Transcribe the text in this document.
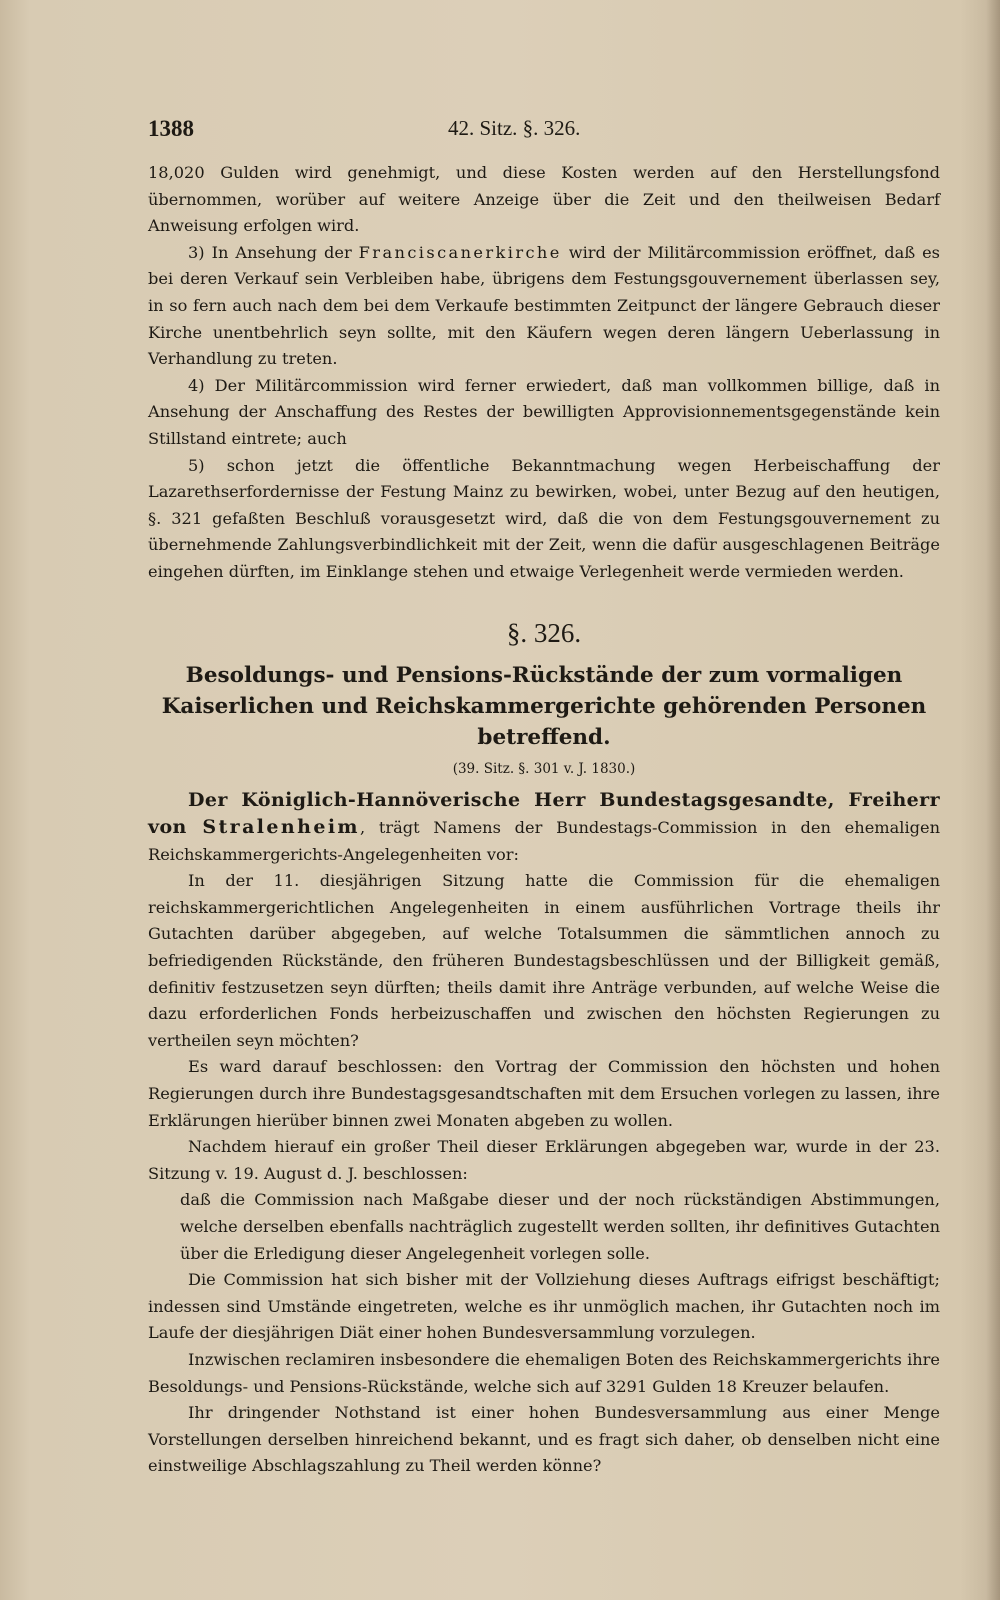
1388	42. Sitz. §. 326.

18,020 Gulden wird genehmigt, und diese Kosten werden auf den Herstellungsfond übernommen, worüber auf weitere Anzeige über die Zeit und den theilweisen Bedarf Anweisung erfolgen wird.

3) In Ansehung der Franciscanerkirche wird der Militärcommission eröffnet, daß es bei deren Verkauf sein Verbleiben habe, übrigens dem Festungsgouvernement überlassen sey, in so fern auch nach dem bei dem Verkaufe bestimmten Zeitpunct der längere Gebrauch dieser Kirche unentbehrlich seyn sollte, mit den Käufern wegen deren längern Ueberlassung in Verhandlung zu treten.

4) Der Militärcommission wird ferner erwiedert, daß man vollkommen billige, daß in Ansehung der Anschaffung des Restes der bewilligten Approvisionnementsgegenstände kein Stillstand eintrete; auch

5) schon jetzt die öffentliche Bekanntmachung wegen Herbeischaffung der Lazarethserfordernisse der Festung Mainz zu bewirken, wobei, unter Bezug auf den heutigen, §. 321 gefaßten Beschluß vorausgesetzt wird, daß die von dem Festungsgouvernement zu übernehmende Zahlungsverbindlichkeit mit der Zeit, wenn die dafür ausgeschlagenen Beiträge eingehen dürften, im Einklange stehen und etwaige Verlegenheit werde vermieden werden.

§. 326.
Besoldungs- und Pensions-Rückstände der zum vormaligen Kaiserlichen und Reichskammergerichte gehörenden Personen betreffend.
(39. Sitz. §. 301 v. J. 1830.)

Der Königlich-Hannöverische Herr Bundestagsgesandte, Freiherr von Stralenheim, trägt Namens der Bundestags-Commission in den ehemaligen Reichskammergerichts-Angelegenheiten vor:

In der 11. diesjährigen Sitzung hatte die Commission für die ehemaligen reichskammergerichtlichen Angelegenheiten in einem ausführlichen Vortrage theils ihr Gutachten darüber abgegeben, auf welche Totalsummen die sämmtlichen annoch zu befriedigenden Rückstände, den früheren Bundestagsbeschlüssen und der Billigkeit gemäß, definitiv festzusetzen seyn dürften; theils damit ihre Anträge verbunden, auf welche Weise die dazu erforderlichen Fonds herbeizuschaffen und zwischen den höchsten Regierungen zu vertheilen seyn möchten?

Es ward darauf beschlossen: den Vortrag der Commission den höchsten und hohen Regierungen durch ihre Bundestagsgesandtschaften mit dem Ersuchen vorlegen zu lassen, ihre Erklärungen hierüber binnen zwei Monaten abgeben zu wollen.

Nachdem hierauf ein großer Theil dieser Erklärungen abgegeben war, wurde in der 23. Sitzung v. 19. August d. J. beschlossen:

daß die Commission nach Maßgabe dieser und der noch rückständigen Abstimmungen, welche derselben ebenfalls nachträglich zugestellt werden sollten, ihr definitives Gutachten über die Erledigung dieser Angelegenheit vorlegen solle.

Die Commission hat sich bisher mit der Vollziehung dieses Auftrags eifrigst beschäftigt; indessen sind Umstände eingetreten, welche es ihr unmöglich machen, ihr Gutachten noch im Laufe der diesjährigen Diät einer hohen Bundesversammlung vorzulegen.

Inzwischen reclamiren insbesondere die ehemaligen Boten des Reichskammergerichts ihre Besoldungs- und Pensions-Rückstände, welche sich auf 3291 Gulden 18 Kreuzer belaufen.

Ihr dringender Nothstand ist einer hohen Bundesversammlung aus einer Menge Vorstellungen derselben hinreichend bekannt, und es fragt sich daher, ob denselben nicht eine einstweilige Abschlagszahlung zu Theil werden könne?
